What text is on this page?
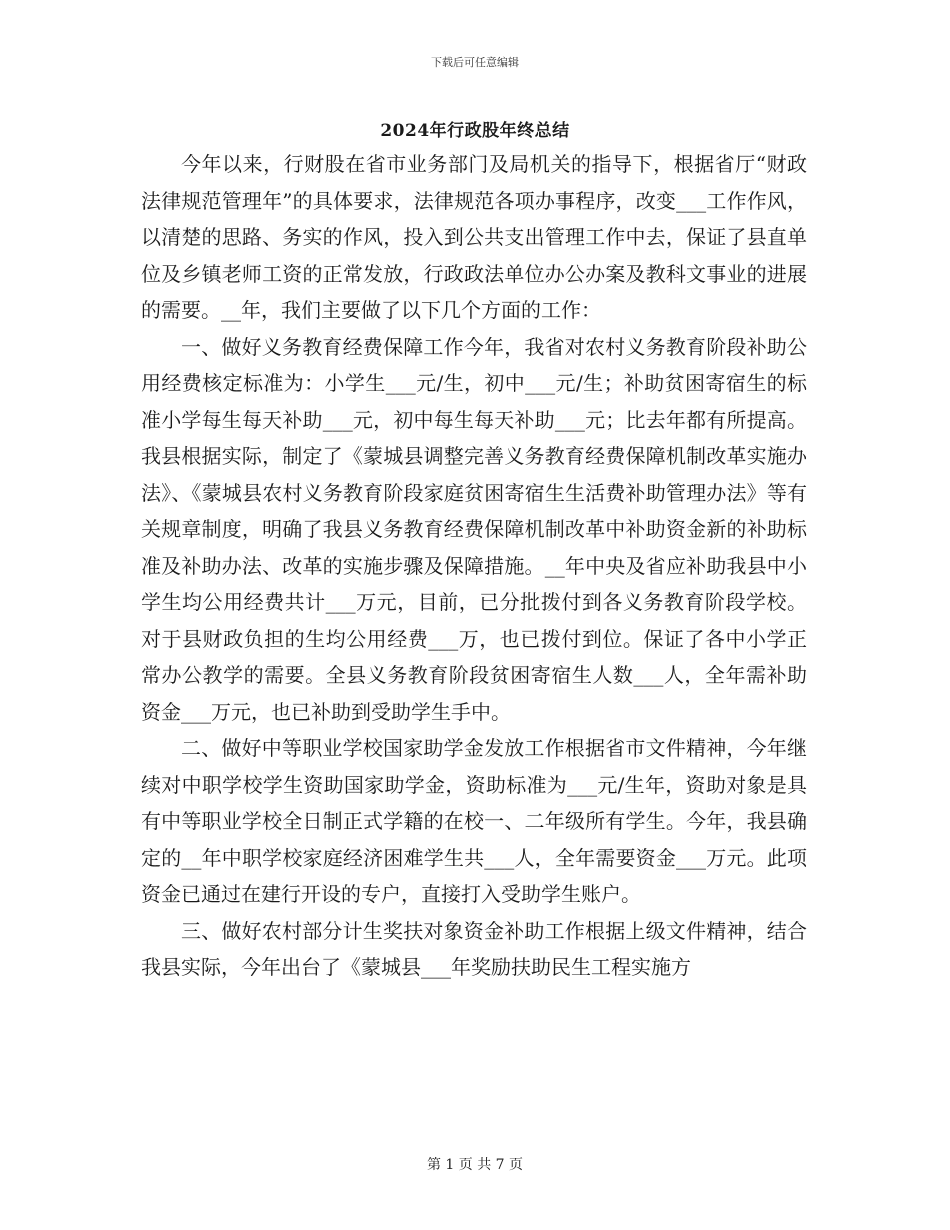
下载后可任意编辑
2024年行政股年终总结

今年以来，行财股在省市业务部门及局机关的指导下，根据省厅“财政法律规范管理年”的具体要求，法律规范各项办事程序，改变___工作作风，以清楚的思路、务实的作风，投入到公共支出管理工作中去，保证了县直单位及乡镇老师工资的正常发放，行政政法单位办公办案及教科文事业的进展的需要。__年，我们主要做了以下几个方面的工作：

一、做好义务教育经费保障工作今年，我省对农村义务教育阶段补助公用经费核定标准为：小学生___元/生，初中___元/生；补助贫困寄宿生的标准小学每生每天补助___元，初中每生每天补助___元；比去年都有所提高。我县根据实际，制定了《蒙城县调整完善义务教育经费保障机制改革实施办法》、《蒙城县农村义务教育阶段家庭贫困寄宿生生活费补助管理办法》等有关规章制度，明确了我县义务教育经费保障机制改革中补助资金新的补助标准及补助办法、改革的实施步骤及保障措施。__年中央及省应补助我县中小学生均公用经费共计___万元，目前，已分批拨付到各义务教育阶段学校。对于县财政负担的生均公用经费___万，也已拨付到位。保证了各中小学正常办公教学的需要。全县义务教育阶段贫困寄宿生人数___人，全年需补助资金___万元，也已补助到受助学生手中。

二、做好中等职业学校国家助学金发放工作根据省市文件精神，今年继续对中职学校学生资助国家助学金，资助标准为___元/生年，资助对象是具有中等职业学校全日制正式学籍的在校一、二年级所有学生。今年，我县确定的__年中职学校家庭经济困难学生共___人，全年需要资金___万元。此项资金已通过在建行开设的专户，直接打入受助学生账户。

三、做好农村部分计生奖扶对象资金补助工作根据上级文件精神，结合我县实际，今年出台了《蒙城县___年奖励扶助民生工程实施方

第 1 页 共 7 页
